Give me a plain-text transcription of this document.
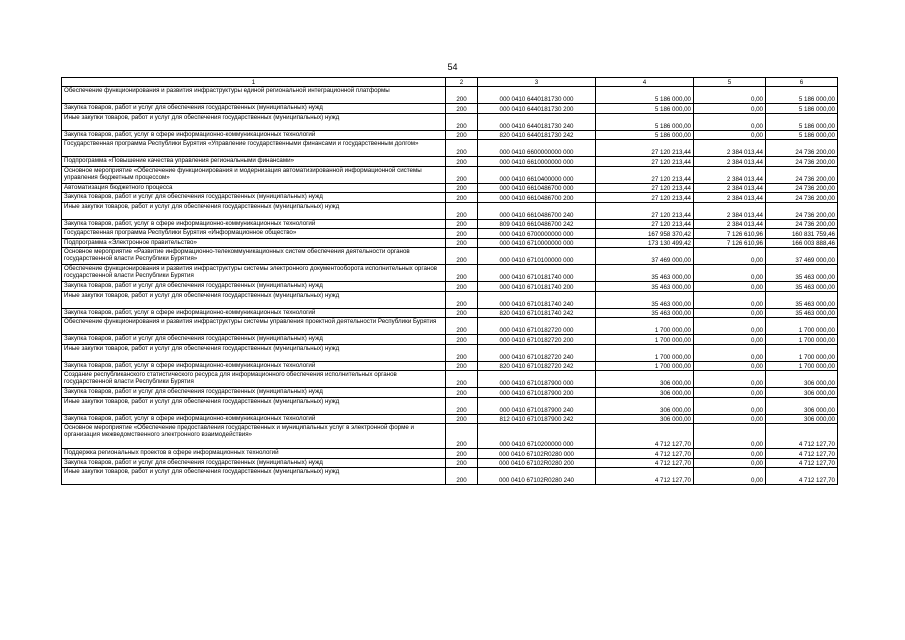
54
1	2	3	4	5	6
Обеспечение функционирования и развития инфраструктуры единой региональной интеграционной платформы	200	000 0410 6440181730 000	5 186 000,00	0,00	5 186 000,00
Закупка товаров, работ и услуг для обеспечения государственных (муниципальных) нужд	200	000 0410 6440181730 200	5 186 000,00	0,00	5 186 000,00
Иные закупки товаров, работ и услуг для обеспечения государственных (муниципальных) нужд	200	000 0410 6440181730 240	5 186 000,00	0,00	5 186 000,00
Закупка товаров, работ, услуг в сфере информационно-коммуникационных технологий	200	820 0410 6440181730 242	5 186 000,00	0,00	5 186 000,00
Государственная программа Республики Бурятия «Управление государственными финансами и государственным долгом»	200	000 0410 6600000000 000	27 120 213,44	2 384 013,44	24 736 200,00
Подпрограмма «Повышение качества управления региональными финансами»	200	000 0410 6610000000 000	27 120 213,44	2 384 013,44	24 736 200,00
Основное мероприятие «Обеспечение функционирования и модернизация автоматизированной информационной системы управления бюджетным процессом»	200	000 0410 6610400000 000	27 120 213,44	2 384 013,44	24 736 200,00
Автоматизация бюджетного процесса	200	000 0410 6610486700 000	27 120 213,44	2 384 013,44	24 736 200,00
Закупка товаров, работ и услуг для обеспечения государственных (муниципальных) нужд	200	000 0410 6610486700 200	27 120 213,44	2 384 013,44	24 736 200,00
Иные закупки товаров, работ и услуг для обеспечения государственных (муниципальных) нужд	200	000 0410 6610486700 240	27 120 213,44	2 384 013,44	24 736 200,00
Закупка товаров, работ, услуг в сфере информационно-коммуникационных технологий	200	809 0410 6610486700 242	27 120 213,44	2 384 013,44	24 736 200,00
Государственная программа Республики Бурятия «Информационное общество»	200	000 0410 6700000000 000	167 958 370,42	7 126 610,96	160 831 759,46
Подпрограмма «Электронное правительство»	200	000 0410 6710000000 000	173 130 499,42	7 126 610,96	166 003 888,46
Основное мероприятие «Развитие информационно-телекоммуникационных систем обеспечения деятельности органов государственной власти Республики Бурятия»	200	000 0410 6710100000 000	37 469 000,00	0,00	37 469 000,00
Обеспечение функционирования и развития инфраструктуры системы электронного документооборота исполнительных органов государственной власти Республики Бурятия	200	000 0410 6710181740 000	35 463 000,00	0,00	35 463 000,00
Закупка товаров, работ и услуг для обеспечения государственных (муниципальных) нужд	200	000 0410 6710181740 200	35 463 000,00	0,00	35 463 000,00
Иные закупки товаров, работ и услуг для обеспечения государственных (муниципальных) нужд	200	000 0410 6710181740 240	35 463 000,00	0,00	35 463 000,00
Закупка товаров, работ, услуг в сфере информационно-коммуникационных технологий	200	820 0410 6710181740 242	35 463 000,00	0,00	35 463 000,00
Обеспечение функционирования и развития инфраструктуры системы управления проектной деятельности Республики Бурятия	200	000 0410 6710182720 000	1 700 000,00	0,00	1 700 000,00
Закупка товаров, работ и услуг для обеспечения государственных (муниципальных) нужд	200	000 0410 6710182720 200	1 700 000,00	0,00	1 700 000,00
Иные закупки товаров, работ и услуг для обеспечения государственных (муниципальных) нужд	200	000 0410 6710182720 240	1 700 000,00	0,00	1 700 000,00
Закупка товаров, работ, услуг в сфере информационно-коммуникационных технологий	200	820 0410 6710182720 242	1 700 000,00	0,00	1 700 000,00
Создание республиканского статистического ресурса для информационного обеспечения исполнительных органов государственной власти Республики Бурятия	200	000 0410 6710187900 000	306 000,00	0,00	306 000,00
Закупка товаров, работ и услуг для обеспечения государственных (муниципальных) нужд	200	000 0410 6710187900 200	306 000,00	0,00	306 000,00
Иные закупки товаров, работ и услуг для обеспечения государственных (муниципальных) нужд	200	000 0410 6710187900 240	306 000,00	0,00	306 000,00
Закупка товаров, работ, услуг в сфере информационно-коммуникационных технологий	200	812 0410 6710187900 242	306 000,00	0,00	306 000,00
Основное мероприятие «Обеспечение предоставления государственных и муниципальных услуг в электронной форме и организация межведомственного электронного взаимодействия»	200	000 0410 6710200000 000	4 712 127,70	0,00	4 712 127,70
Поддержка региональных проектов в сфере информационных технологий	200	000 0410 67102R0280 000	4 712 127,70	0,00	4 712 127,70
Закупка товаров, работ и услуг для обеспечения государственных (муниципальных) нужд	200	000 0410 67102R0280 200	4 712 127,70	0,00	4 712 127,70
Иные закупки товаров, работ и услуг для обеспечения государственных (муниципальных) нужд	200	000 0410 67102R0280 240	4 712 127,70	0,00	4 712 127,70
